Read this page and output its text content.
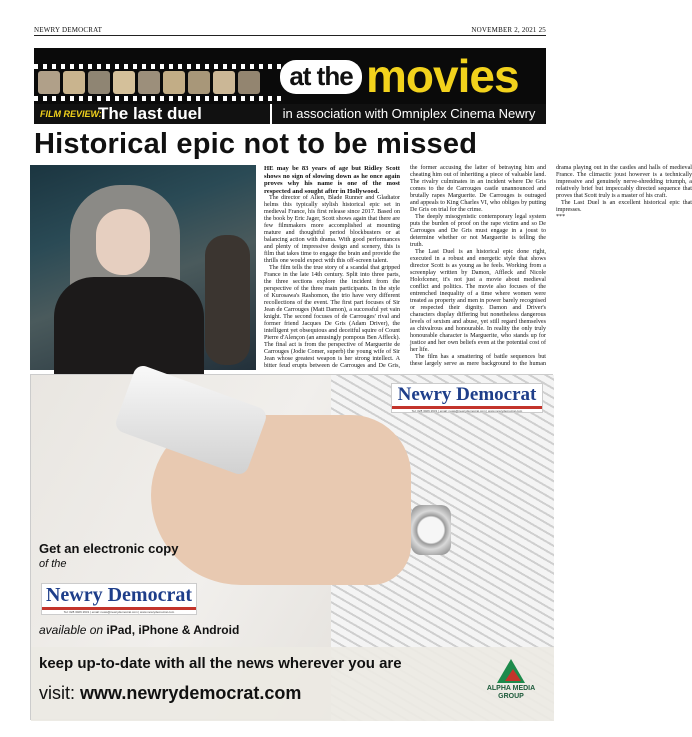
NEWRY DEMOCRAT	NOVEMBER 2, 2021 25
at the movies
FILM REVIEW:
The last duel	in association with Omniplex Cinema Newry
Historical epic not to be missed

HE may be 83 years of age but Ridley Scott shows no sign of slowing down as he once again proves why his name is one of the most respected and sought after in Hollywood.

The director of Alien, Blade Runner and Gladiator helms this typically stylish historical epic set in medieval France, his first release since 2017. Based on the book by Eric Jager, Scott shows again that there are few filmmakers more accomplished at mounting mature and thoughtful period blockbusters or at balancing action with drama. With good performances and plenty of impressive design and scenery, this is film that takes time to engage the brain and provide the thrills one would expect with this off-screen talent.

The film tells the true story of a scandal that gripped France in the late 14th century. Split into three parts, the three sections explore the incident from the perspective of the three main participants. In the style of Kurosawa's Rashomon, the trio have very different recollections of the event. The first part focuses of Sir Jean de Carrouges (Matt Damon), a successful yet vain knight. The second focuses of de Carrouges' rival and former friend Jacques De Gris (Adam Driver), the intelligent yet obsequious and deceitful squire of Count Pierre d'Alençon (an amusingly pompous Ben Affleck). The final act is from the perspective of Marguerite de Carrouges (Jodie Comer, superb) the young wife of Sir Jean whose greatest weapon is her strong intellect. A bitter feud erupts between de Carrouges and De Gris, the former accusing the latter of betraying him and cheating him out of inheriting a piece of valuable land. The rivalry culminates in an incident where De Gris comes to the de Carrouges castle unannounced and brutally rapes Marguerite. De Carrouges is outraged and appeals to King Charles VI, who obliges by putting De Gris on trial for the crime.

The deeply misogynistic contemporary legal system puts the burden of proof on the rape victim and so De Carrouges and De Gris must engage in a joust to determine whether or not Marguerite is telling the truth.

The Last Duel is an historical epic done right, executed in a robust and energetic style that shows director Scott is as young as he feels. Working from a screenplay written by Damon, Affleck and Nicole Holofcener, it's not just a movie about medieval conflict and politics. The movie also focuses of the entrenched inequality of a time where women were treated as property and men in power barely recognised or respected their dignity. Damon and Driver's characters display differing but nonetheless dangerous levels of sexism and abuse, yet still regard themselves as chivalrous and honourable. In reality the only truly honourable character is Marguerite, who stands up for justice and her own beliefs even at the potential cost of her life.

The film has a smattering of battle sequences but these largely serve as mere background to the human drama playing out in the castles and halls of medieval France. The climactic joust however is a technically impressive and genuinely nerve-shredding triumph, a relatively brief but impeccably directed sequence that proves that Scott truly is a master of his craft.

The Last Duel is an excellent historical epic that impresses.

***

Newry Democrat
Tel: 028 3026 2631 | email: news@newrydemocrat.com | www.newrydemocrat.com
Get an electronic copy
of the
Newry Democrat
Tel: 028 3026 2631 | email: news@newrydemocrat.com | www.newrydemocrat.com
available on iPad, iPhone & Android
keep up-to-date with all the news wherever you are
visit: www.newrydemocrat.com	ALPHA MEDIA GROUP
